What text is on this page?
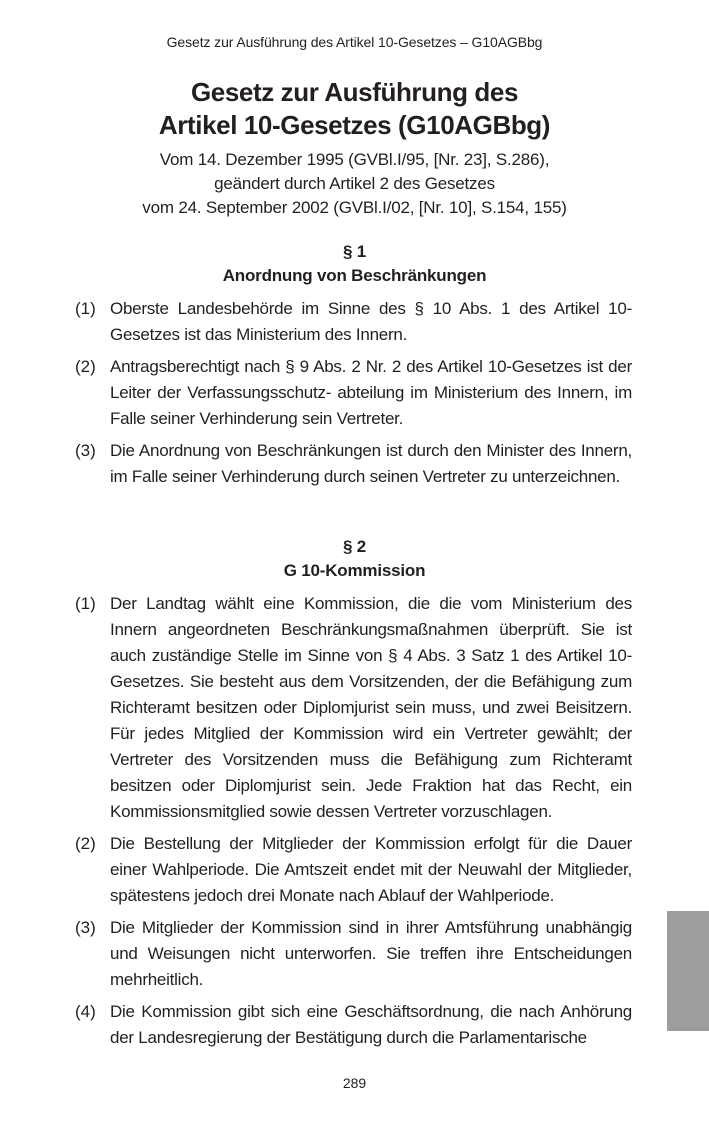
Gesetz zur Ausführung des Artikel 10-Gesetzes – G10AGBbg
Gesetz zur Ausführung des
Artikel 10-Gesetzes (G10AGBbg)
Vom 14. Dezember 1995 (GVBl.I/95, [Nr. 23], S.286),
geändert durch Artikel 2 des Gesetzes
vom 24. September 2002 (GVBl.I/02, [Nr. 10], S.154, 155)
§ 1
Anordnung von Beschränkungen
(1) Oberste Landesbehörde im Sinne des § 10 Abs. 1 des Artikel 10-Gesetzes ist das Ministerium des Innern.
(2) Antragsberechtigt nach § 9 Abs. 2 Nr. 2 des Artikel 10-Gesetzes ist der Leiter der Verfassungsschutz- abteilung im Ministerium des Innern, im Falle seiner Verhinderung sein Vertreter.
(3) Die Anordnung von Beschränkungen ist durch den Minister des Innern, im Falle seiner Verhinderung durch seinen Vertreter zu unterzeichnen.
§ 2
G 10-Kommission
(1) Der Landtag wählt eine Kommission, die die vom Ministerium des Innern angeordneten Beschränkungsmaßnahmen überprüft. Sie ist auch zuständige Stelle im Sinne von § 4 Abs. 3 Satz 1 des Artikel 10-Gesetzes. Sie besteht aus dem Vorsitzenden, der die Befähigung zum Richteramt besitzen oder Diplomjurist sein muss, und zwei Beisitzern. Für jedes Mitglied der Kommission wird ein Vertreter gewählt; der Vertreter des Vorsitzenden muss die Befähigung zum Richteramt besitzen oder Diplomjurist sein. Jede Fraktion hat das Recht, ein Kommissionsmitglied sowie dessen Vertreter vorzuschlagen.
(2) Die Bestellung der Mitglieder der Kommission erfolgt für die Dauer einer Wahlperiode. Die Amtszeit endet mit der Neuwahl der Mitglieder, spätestens jedoch drei Monate nach Ablauf der Wahlperiode.
(3) Die Mitglieder der Kommission sind in ihrer Amtsführung unabhängig und Weisungen nicht unterworfen. Sie treffen ihre Entscheidungen mehrheitlich.
(4) Die Kommission gibt sich eine Geschäftsordnung, die nach Anhörung der Landesregierung der Bestätigung durch die Parlamentarische
289
